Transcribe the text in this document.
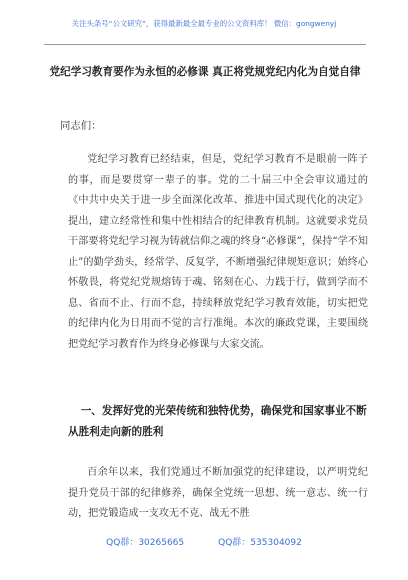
关注头条号“公文研究”，获得最新最全最专业的公文资料库！ 微信：gongwenyj
党纪学习教育要作为永恒的必修课 真正将党规党纪内化为自觉自律
同志们：
党纪学习教育已经结束，但是，党纪学习教育不是眼前一阵子的事，而是要贯穿一辈子的事。党的二十届三中全会审议通过的《中共中央关于进一步全面深化改革、推进中国式现代化的决定》提出，建立经常性和集中性相结合的纪律教育机制。这就要求党员干部要将党纪学习视为铸就信仰之魂的终身“必修课”，保持“学不知止”的勤学劲头，经常学、反复学，不断增强纪律规矩意识；始终心怀敬畏，将党纪党规熔铸于魂、铭刻在心、力践于行，做到学而不息、省而不止、行而不怠，持续释放党纪学习教育效能，切实把党的纪律内化为日用而不觉的言行准绳。本次的廉政党课，主要围绕把党纪学习教育作为终身必修课与大家交流。
一、发挥好党的光荣传统和独特优势，确保党和国家事业不断从胜利走向新的胜利
百余年以来，我们党通过不断加强党的纪律建设，以严明党纪提升党员干部的纪律修养，确保全党统一思想、统一意志、统一行动，把党锻造成一支攻无不克、战无不胜
QQ群：30265665	QQ群：535304092
